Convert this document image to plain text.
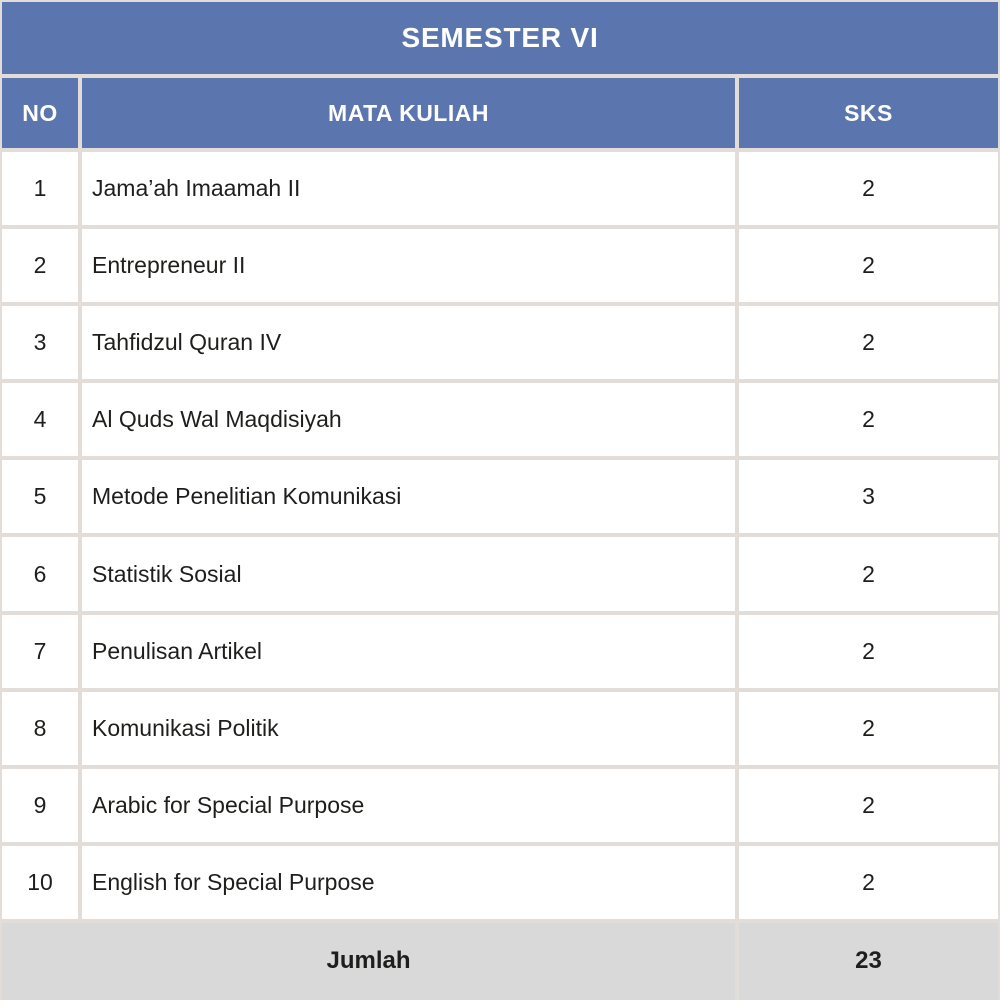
SEMESTER VI
NO	MATA KULIAH	SKS
1	Jama’ah Imaamah II	2
2	Entrepreneur II	2
3	Tahfidzul Quran IV	2
4	Al Quds Wal Maqdisiyah	2
5	Metode Penelitian Komunikasi	3
6	Statistik Sosial	2
7	Penulisan Artikel	2
8	Komunikasi Politik	2
9	Arabic for Special Purpose	2
10	English for Special Purpose	2
Jumlah	23
